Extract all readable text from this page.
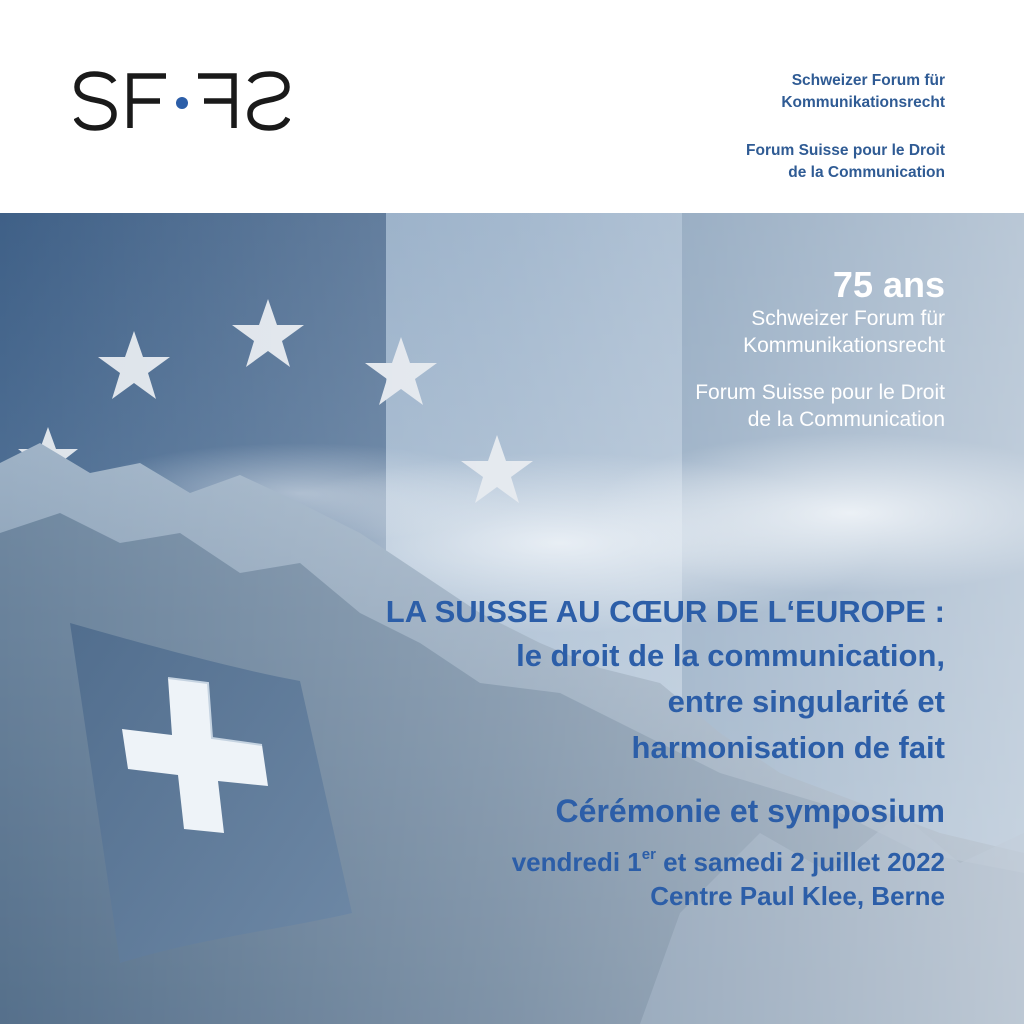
Schweizer Forum für
Kommunikationsrecht
Forum Suisse pour le Droit
de la Communication
75 ans
Schweizer Forum für
Kommunikationsrecht
Forum Suisse pour le Droit
de la Communication
LA SUISSE AU CŒUR DE L‘EUROPE :
le droit de la communication,
entre singularité et
harmonisation de fait
Cérémonie et symposium
vendredi 1er et samedi 2 juillet 2022
Centre Paul Klee, Berne
